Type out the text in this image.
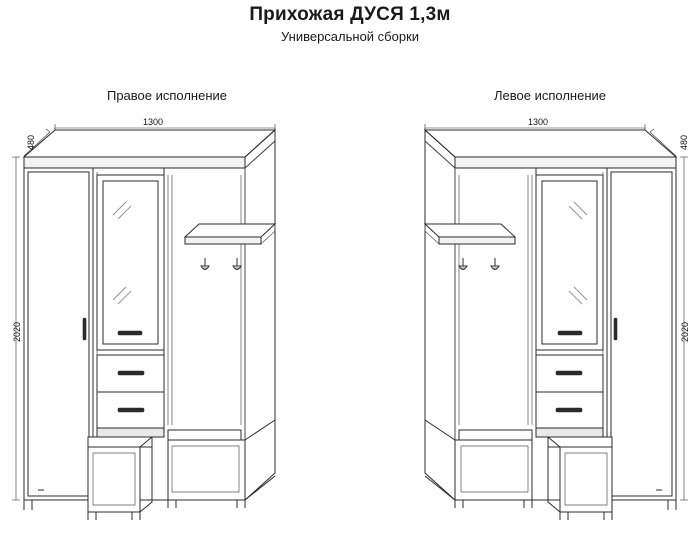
Прихожая ДУСЯ 1,3м
Универсальной сборки
Правое исполнение	Левое исполнение
1300
480
2020
1300
480
2020
